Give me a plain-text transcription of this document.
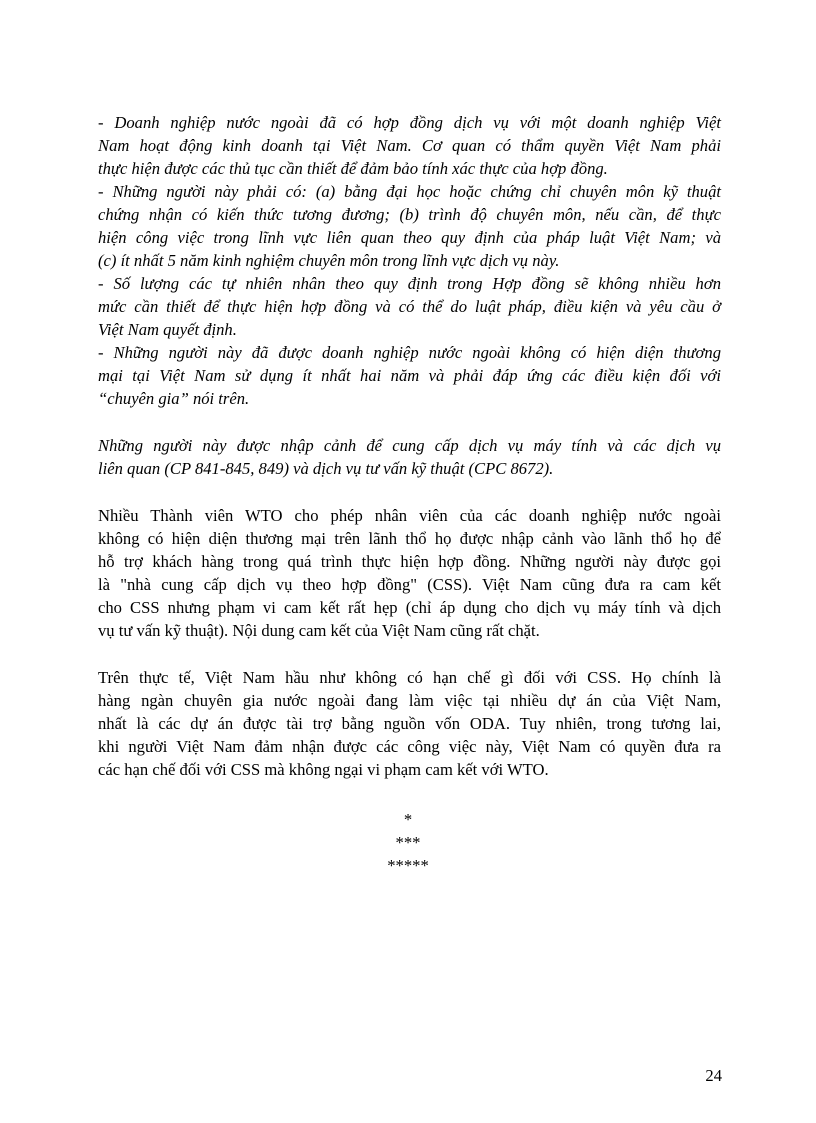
- Doanh nghiệp nước ngoài đã có hợp đồng dịch vụ với một doanh nghiệp Việt
Nam hoạt động kinh doanh tại Việt Nam. Cơ quan có thẩm quyền Việt Nam phải
thực hiện được các thủ tục cần thiết để đảm bảo tính xác thực của hợp đồng.
- Những người này phải có: (a) bằng đại học hoặc chứng chỉ chuyên môn kỹ thuật
chứng nhận có kiến thức tương đương; (b) trình độ chuyên môn, nếu cần, để thực
hiện công việc trong lĩnh vực liên quan theo quy định của pháp luật Việt Nam; và
(c) ít nhất 5 năm kinh nghiệm chuyên môn trong lĩnh vực dịch vụ này.
- Số lượng các tự nhiên nhân theo quy định trong Hợp đồng sẽ không nhiều hơn
mức cần thiết để thực hiện hợp đồng và có thể do luật pháp, điều kiện và yêu cầu ở
Việt Nam quyết định.
- Những người này đã được doanh nghiệp nước ngoài không có hiện diện thương
mại tại Việt Nam sử dụng ít nhất hai năm và phải đáp ứng các điều kiện đối với
“chuyên gia” nói trên.
Những người này được nhập cảnh để cung cấp dịch vụ máy tính và các dịch vụ
liên quan (CP 841-845, 849) và dịch vụ tư vấn kỹ thuật (CPC 8672).
Nhiều Thành viên WTO cho phép nhân viên của các doanh nghiệp nước ngoài
không có hiện diện thương mại trên lãnh thổ họ được nhập cảnh vào lãnh thổ họ để
hỗ trợ khách hàng trong quá trình thực hiện hợp đồng. Những người này được gọi
là "nhà cung cấp dịch vụ theo hợp đồng" (CSS). Việt Nam cũng đưa ra cam kết
cho CSS nhưng phạm vi cam kết rất hẹp (chỉ áp dụng cho dịch vụ máy tính và dịch
vụ tư vấn kỹ thuật). Nội dung cam kết của Việt Nam cũng rất chặt.
Trên thực tế, Việt Nam hầu như không có hạn chế gì đối với CSS. Họ chính là
hàng ngàn chuyên gia nước ngoài đang làm việc tại nhiều dự án của Việt Nam,
nhất là các dự án được tài trợ bằng nguồn vốn ODA. Tuy nhiên, trong tương lai,
khi người Việt Nam đảm nhận được các công việc này, Việt Nam có quyền đưa ra
các hạn chế đối với CSS mà không ngại vi phạm cam kết với WTO.
*
***
*****
24
